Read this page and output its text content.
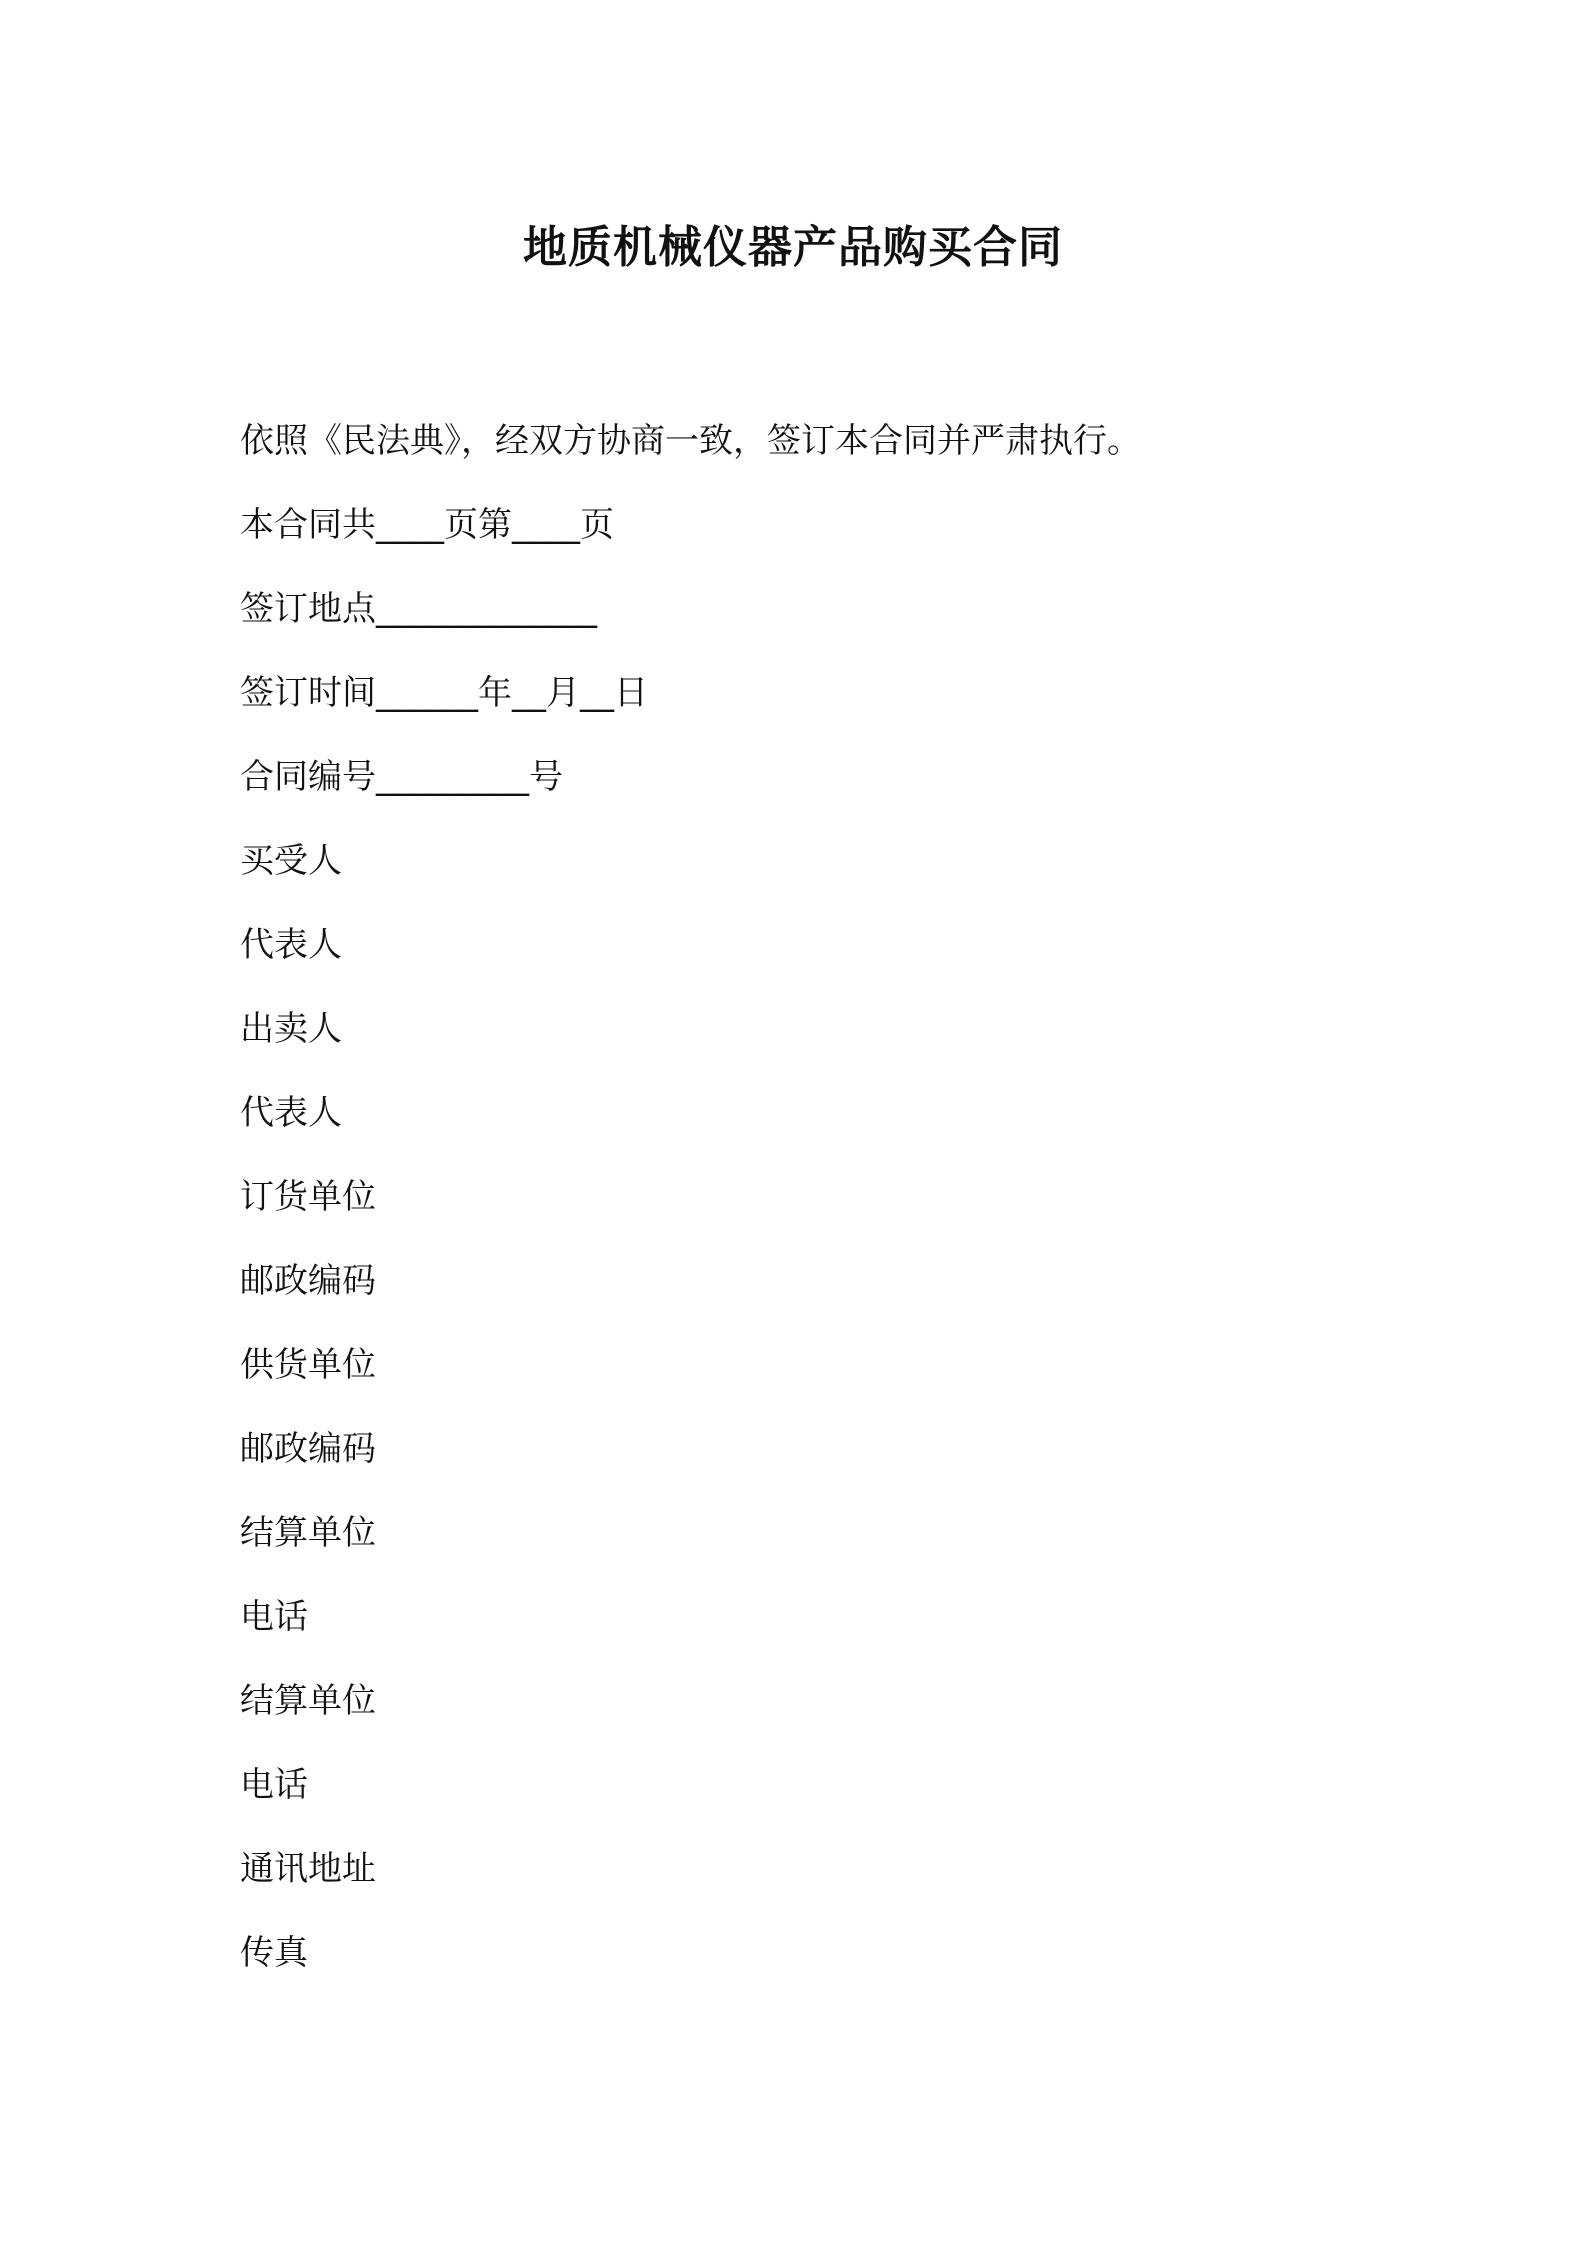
地质机械仪器产品购买合同

依照《民法典》，经双方协商一致，签订本合同并严肃执行。

本合同共____页第____页

签订地点_____________

签订时间______年__月__日

合同编号_________号

买受人

代表人

出卖人

代表人

订货单位

邮政编码

供货单位

邮政编码

结算单位

电话

结算单位

电话

通讯地址

传真
